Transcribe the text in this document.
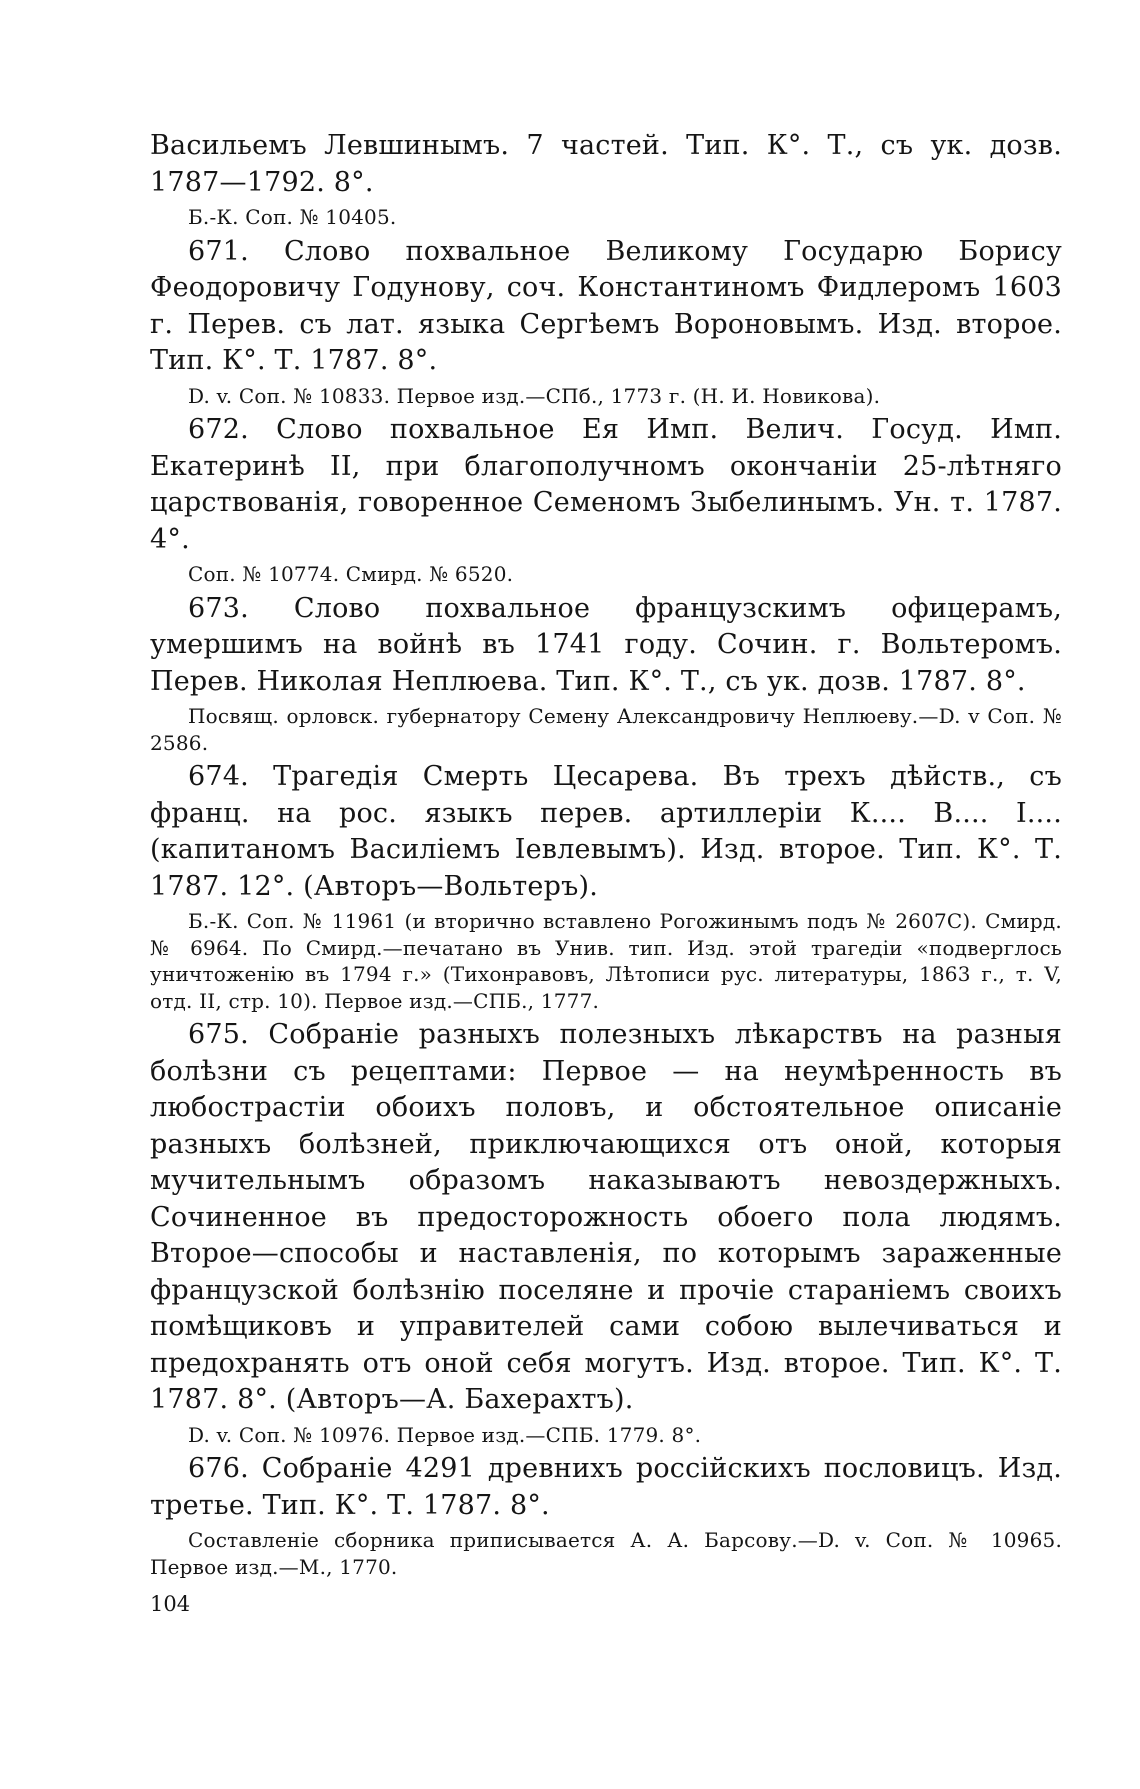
Васильемъ Левшинымъ. 7 частей. Тип. К°. Т., съ ук. дозв. 1787—1792. 8°.

Б.-К. Соп. № 10405.

671. Слово похвальное Великому Государю Борису Феодоровичу Годунову, соч. Константиномъ Фидлеромъ 1603 г. Перев. съ лат. языка Сергѣемъ Вороновымъ. Изд. второе. Тип. К°. Т. 1787. 8°.

D. v. Соп. № 10833. Первое изд.—СПб., 1773 г. (Н. И. Новикова).

672. Слово похвальное Ея Имп. Велич. Госуд. Имп. Екатеринѣ II, при благополучномъ окончаніи 25-лѣтняго царствованія, говоренное Семеномъ Зыбелинымъ. Ун. т. 1787. 4°.

Соп. № 10774. Смирд. № 6520.

673. Слово похвальное французскимъ офицерамъ, умершимъ на войнѣ въ 1741 году. Сочин. г. Вольтеромъ. Перев. Николая Неплюева. Тип. К°. Т., съ ук. дозв. 1787. 8°.

Посвящ. орловск. губернатору Семену Александровичу Неплюеву.—D. v Соп. № 2586.

674. Трагедія Смерть Цесарева. Въ трехъ дѣйств., съ франц. на рос. языкъ перев. артиллеріи К.... В.... І.... (капитаномъ Василіемъ Іевлевымъ). Изд. второе. Тип. К°. Т. 1787. 12°. (Авторъ—Вольтеръ).

Б.-К. Соп. № 11961 (и вторично вставлено Рогожинымъ подъ № 2607С). Смирд. № 6964. По Смирд.—печатано въ Унив. тип. Изд. этой трагедіи «подверглось уничтоженію въ 1794 г.» (Тихонравовъ, Лѣтописи рус. литературы, 1863 г., т. V, отд. II, стр. 10). Первое изд.—СПБ., 1777.

675. Собраніе разныхъ полезныхъ лѣкарствъ на разныя болѣзни съ рецептами: Первое — на неумѣренность въ любострастіи обоихъ половъ, и обстоятельное описаніе разныхъ болѣзней, приключающихся отъ оной, которыя мучительнымъ образомъ наказываютъ невоздержныхъ. Сочиненное въ предосторожность обоего пола людямъ. Второе—способы и наставленія, по которымъ зараженные французской болѣзнію поселяне и прочіе стараніемъ своихъ помѣщиковъ и управителей сами собою вылечиваться и предохранять отъ оной себя могутъ. Изд. второе. Тип. К°. Т. 1787. 8°. (Авторъ—А. Бахерахтъ).

D. v. Соп. № 10976. Первое изд.—СПБ. 1779. 8°.

676. Собраніе 4291 древнихъ россійскихъ пословицъ. Изд. третье. Тип. К°. Т. 1787. 8°.

Составленіе сборника приписывается А. А. Барсову.—D. v. Соп. № 10965. Первое изд.—М., 1770.

104
